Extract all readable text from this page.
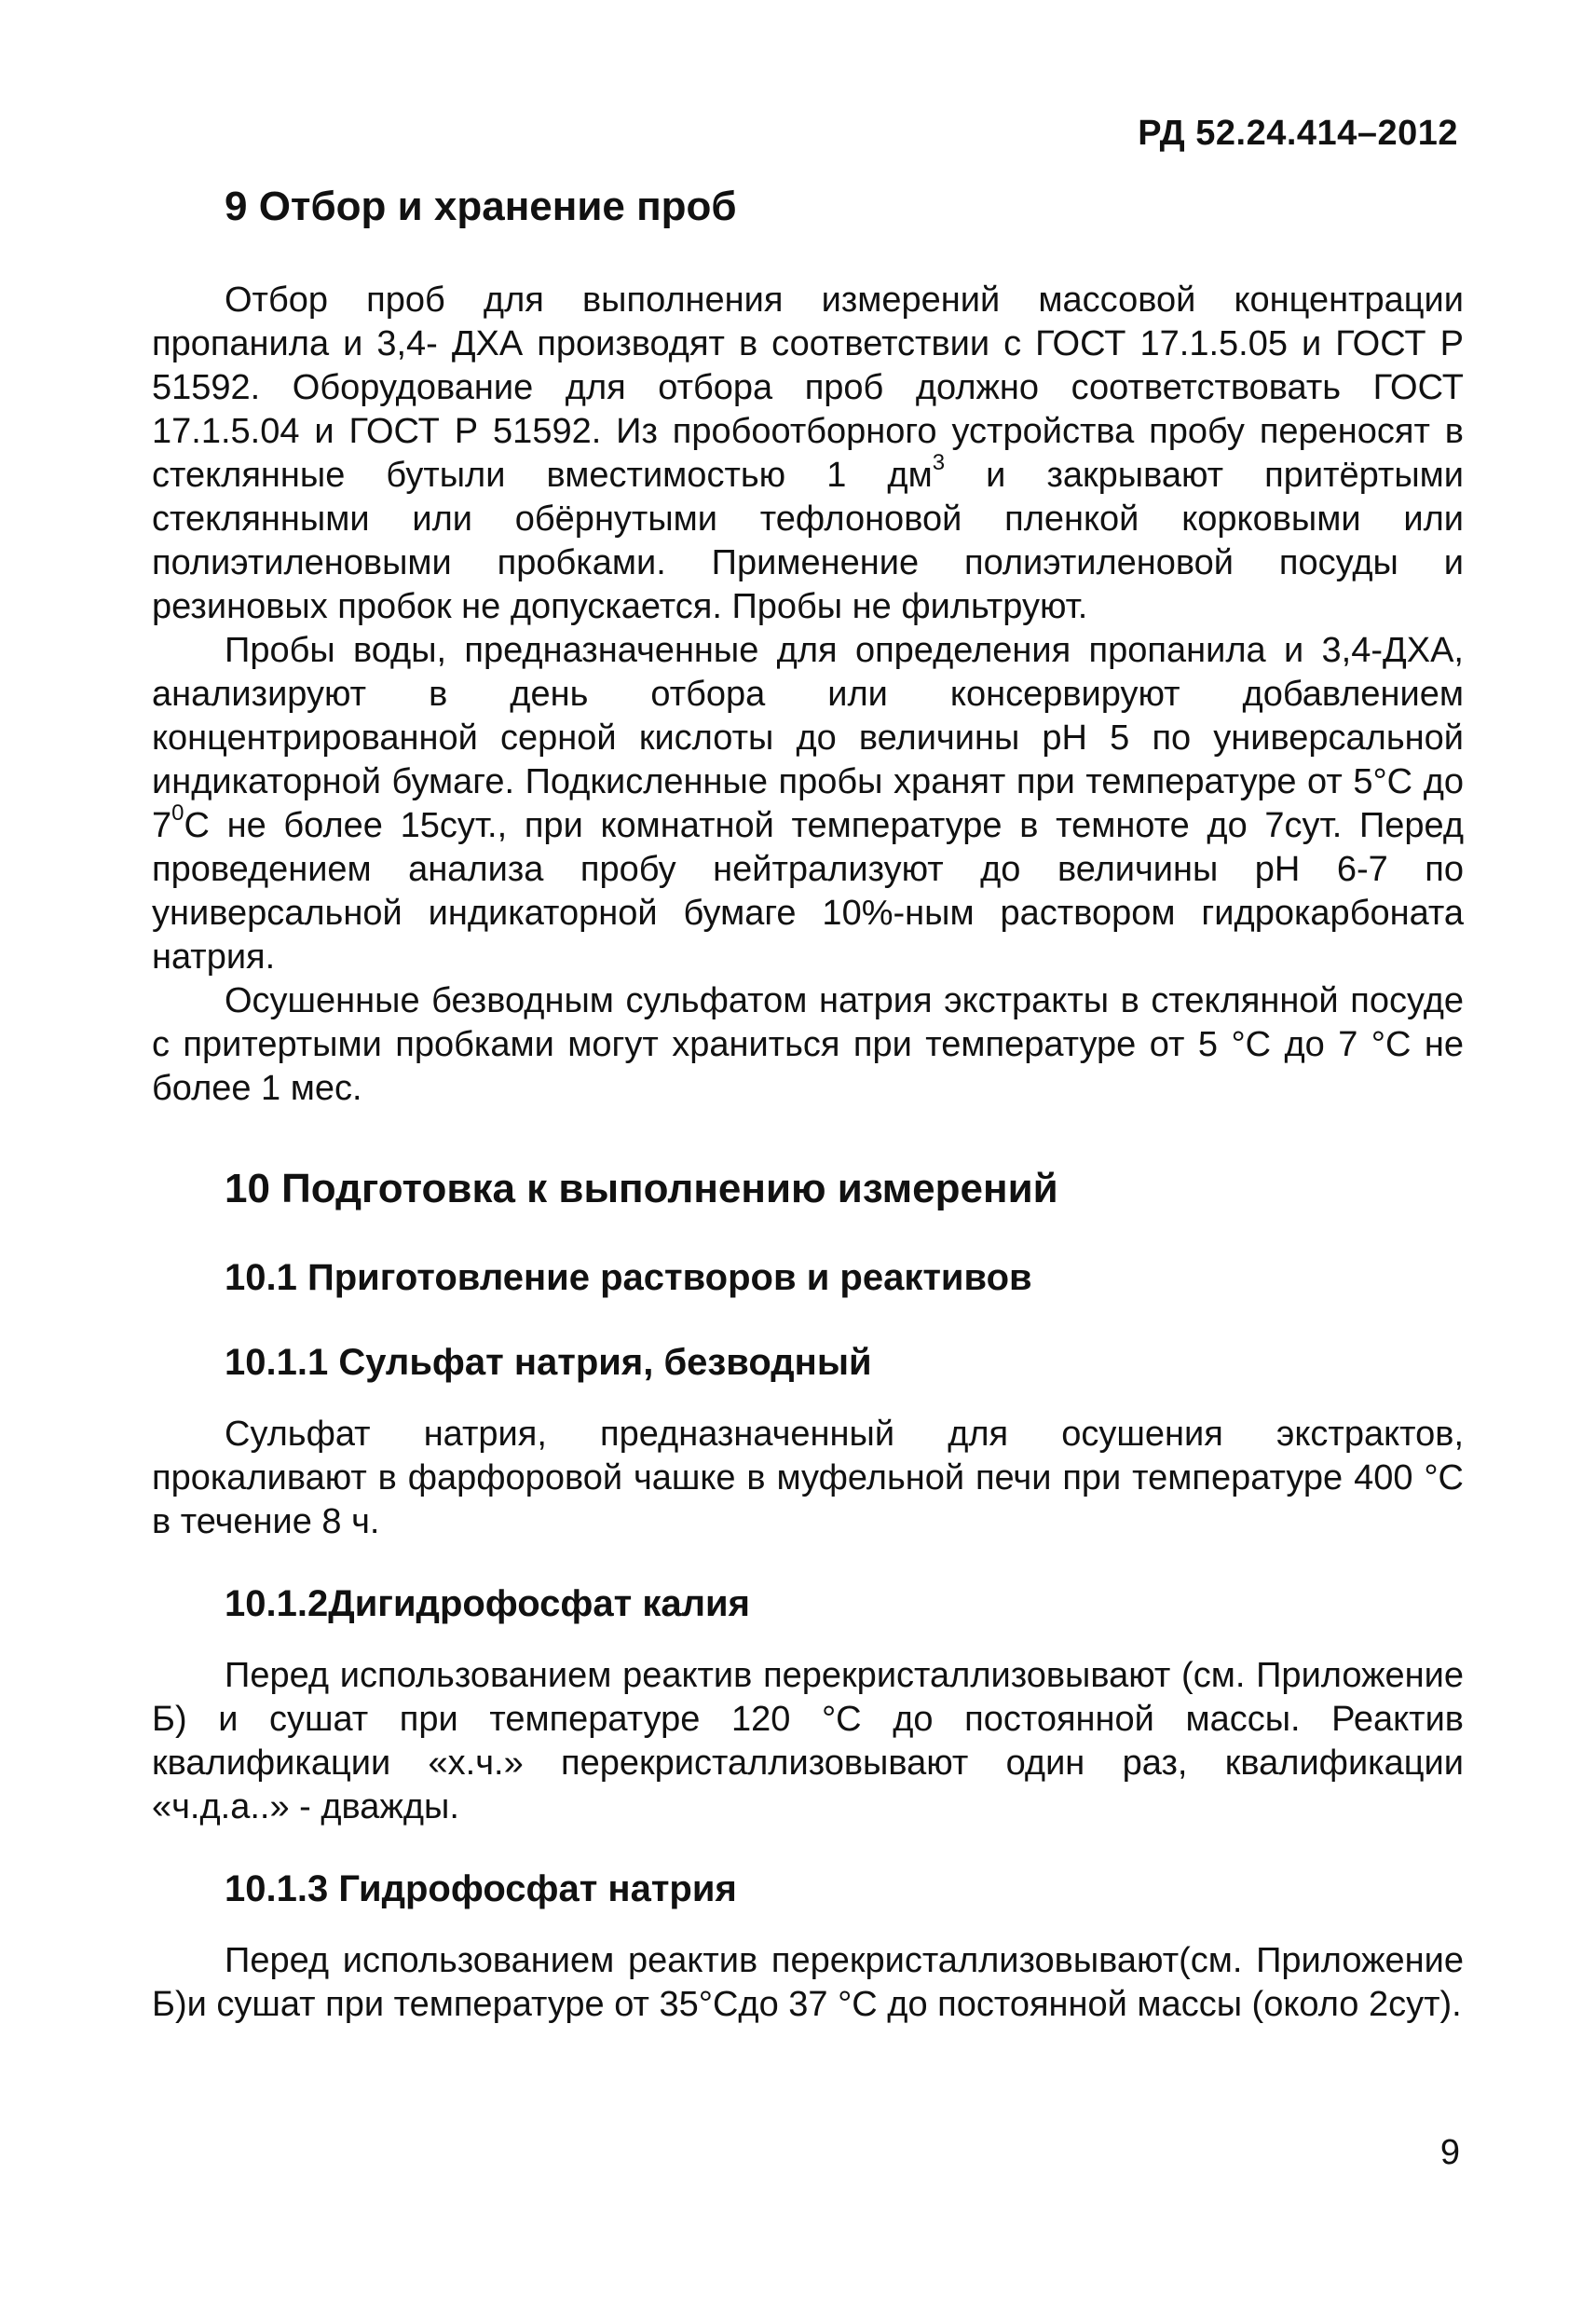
РД 52.24.414–2012
9 Отбор и хранение проб

Отбор проб для выполнения измерений массовой концентрации пропанила и 3,4- ДХА производят в соответствии с ГОСТ 17.1.5.05 и ГОСТ Р 51592. Оборудование для отбора проб должно соответствовать ГОСТ 17.1.5.04 и ГОСТ Р 51592. Из пробоотборного устройства пробу переносят в стеклянные бутыли вместимостью 1 $дм^3$ и закрывают притёртыми стеклянными или обёрнутыми тефлоновой пленкой корковыми или полиэтиленовыми пробками. Применение полиэтиленовой посуды и резиновых пробок не допускается. Пробы не фильтруют.

Пробы воды, предназначенные для определения пропанила и 3,4-ДХА, анализируют в день отбора или консервируют добавлением концентрированной серной кислоты до величины рН 5 по универсальной индикаторной бумаге. Подкисленные пробы хранят при температуре от 5°С до $7^0С$ не более 15сут., при комнатной температуре в темноте до 7сут. Перед проведением анализа пробу нейтрализуют до величины рН 6-7 по универсальной индикаторной бумаге 10%-ным раствором гидрокарбоната натрия.

Осушенные безводным сульфатом натрия экстракты в стеклянной посуде с притертыми пробками могут храниться при температуре от 5 °С до 7 °С не более 1 мес.

10 Подготовка к выполнению измерений
10.1 Приготовление растворов и реактивов
10.1.1 Сульфат натрия, безводный

Сульфат натрия, предназначенный для осушения экстрактов, прокаливают в фарфоровой чашке в муфельной печи при температуре 400 °С в течение 8 ч.

10.1.2Дигидрофосфат калия

Перед использованием реактив перекристаллизовывают (см. Приложение Б) и сушат при температуре 120 °С до постоянной массы. Реактив квалификации «х.ч.» перекристаллизовывают один раз, квалификации «ч.д.а..» - дважды.

10.1.3 Гидрофосфат натрия

Перед использованием реактив перекристаллизовывают(см. Приложение Б)и сушат при температуре от 35°Сдо 37 °С до постоянной массы (около 2сут).

9
